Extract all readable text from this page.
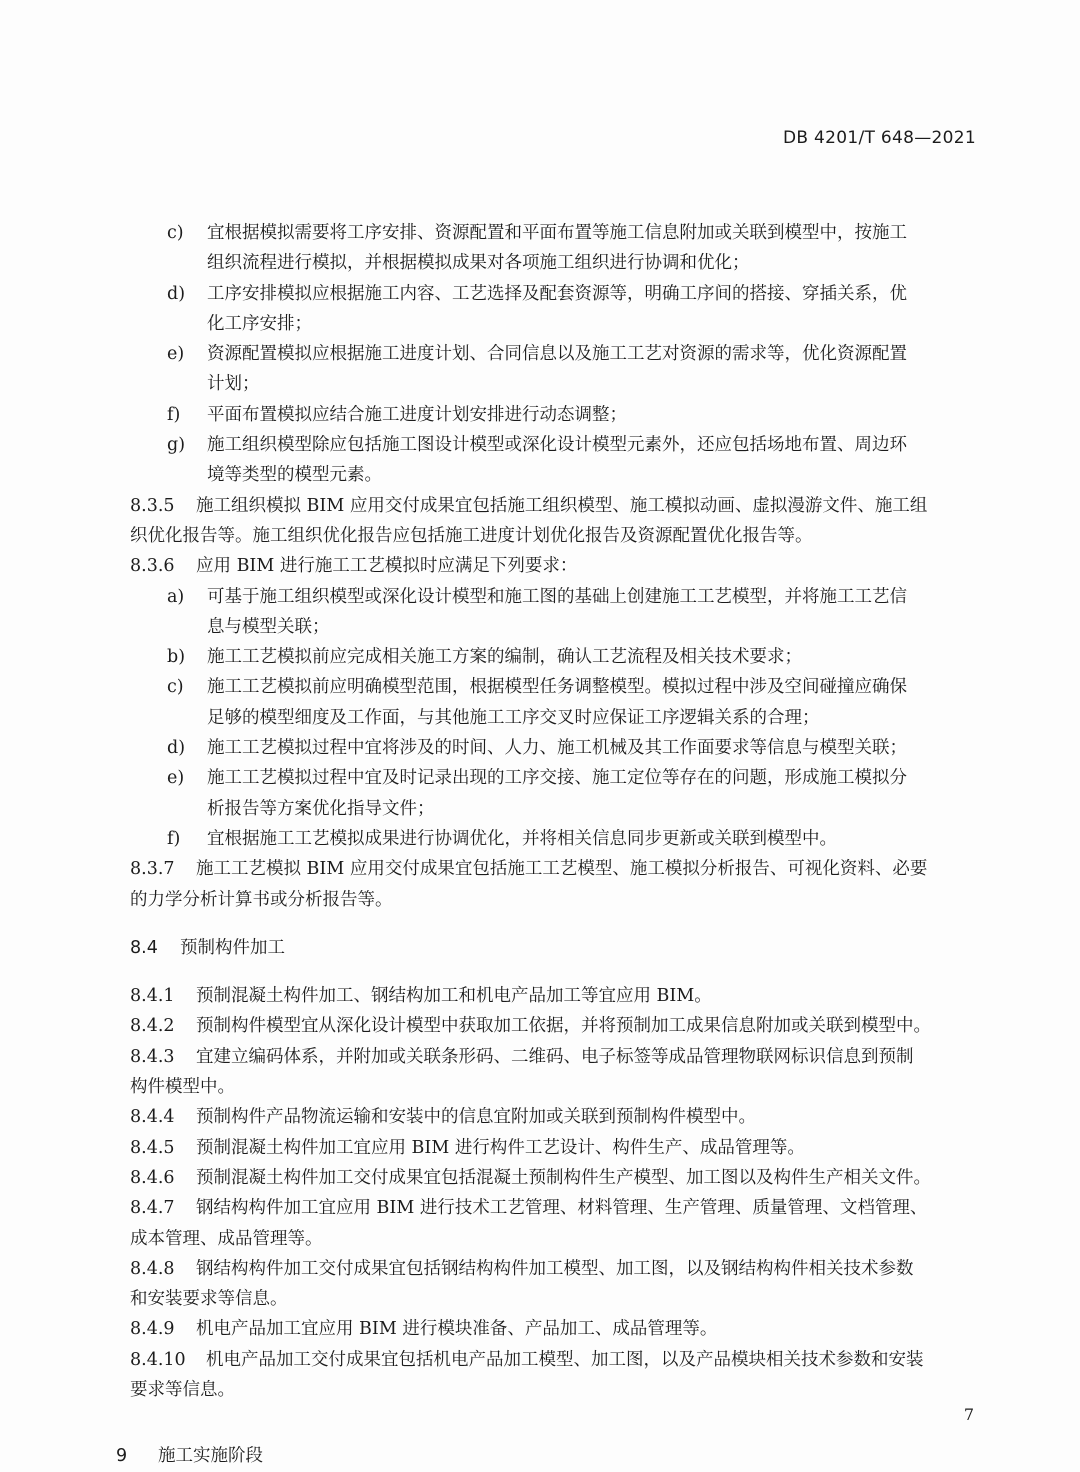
DB 4201/T 648—2021
c) 宜根据模拟需要将工序安排、资源配置和平面布置等施工信息附加或关联到模型中，按施工
组织流程进行模拟，并根据模拟成果对各项施工组织进行协调和优化；
d) 工序安排模拟应根据施工内容、工艺选择及配套资源等，明确工序间的搭接、穿插关系，优
化工序安排；
e) 资源配置模拟应根据施工进度计划、合同信息以及施工工艺对资源的需求等，优化资源配置
计划；
f) 平面布置模拟应结合施工进度计划安排进行动态调整；
g) 施工组织模型除应包括施工图设计模型或深化设计模型元素外，还应包括场地布置、周边环
境等类型的模型元素。
8.3.5 施工组织模拟 BIM 应用交付成果宜包括施工组织模型、施工模拟动画、虚拟漫游文件、施工组
织优化报告等。施工组织优化报告应包括施工进度计划优化报告及资源配置优化报告等。
8.3.6 应用 BIM 进行施工工艺模拟时应满足下列要求：
a) 可基于施工组织模型或深化设计模型和施工图的基础上创建施工工艺模型，并将施工工艺信
息与模型关联；
b) 施工工艺模拟前应完成相关施工方案的编制，确认工艺流程及相关技术要求；
c) 施工工艺模拟前应明确模型范围，根据模型任务调整模型。模拟过程中涉及空间碰撞应确保
足够的模型细度及工作面，与其他施工工序交叉时应保证工序逻辑关系的合理；
d) 施工工艺模拟过程中宜将涉及的时间、人力、施工机械及其工作面要求等信息与模型关联；
e) 施工工艺模拟过程中宜及时记录出现的工序交接、施工定位等存在的问题，形成施工模拟分
析报告等方案优化指导文件；
f) 宜根据施工工艺模拟成果进行协调优化，并将相关信息同步更新或关联到模型中。
8.3.7 施工工艺模拟 BIM 应用交付成果宜包括施工工艺模型、施工模拟分析报告、可视化资料、必要
的力学分析计算书或分析报告等。
8.4 预制构件加工
8.4.1 预制混凝土构件加工、钢结构加工和机电产品加工等宜应用 BIM。
8.4.2 预制构件模型宜从深化设计模型中获取加工依据，并将预制加工成果信息附加或关联到模型中。
8.4.3 宜建立编码体系，并附加或关联条形码、二维码、电子标签等成品管理物联网标识信息到预制
构件模型中。
8.4.4 预制构件产品物流运输和安装中的信息宜附加或关联到预制构件模型中。
8.4.5 预制混凝土构件加工宜应用 BIM 进行构件工艺设计、构件生产、成品管理等。
8.4.6 预制混凝土构件加工交付成果宜包括混凝土预制构件生产模型、加工图以及构件生产相关文件。
8.4.7 钢结构构件加工宜应用 BIM 进行技术工艺管理、材料管理、生产管理、质量管理、文档管理、
成本管理、成品管理等。
8.4.8 钢结构构件加工交付成果宜包括钢结构构件加工模型、加工图，以及钢结构构件相关技术参数
和安装要求等信息。
8.4.9 机电产品加工宜应用 BIM 进行模块准备、产品加工、成品管理等。
8.4.10 机电产品加工交付成果宜包括机电产品加工模型、加工图，以及产品模块相关技术参数和安装
要求等信息。
9 施工实施阶段
7
